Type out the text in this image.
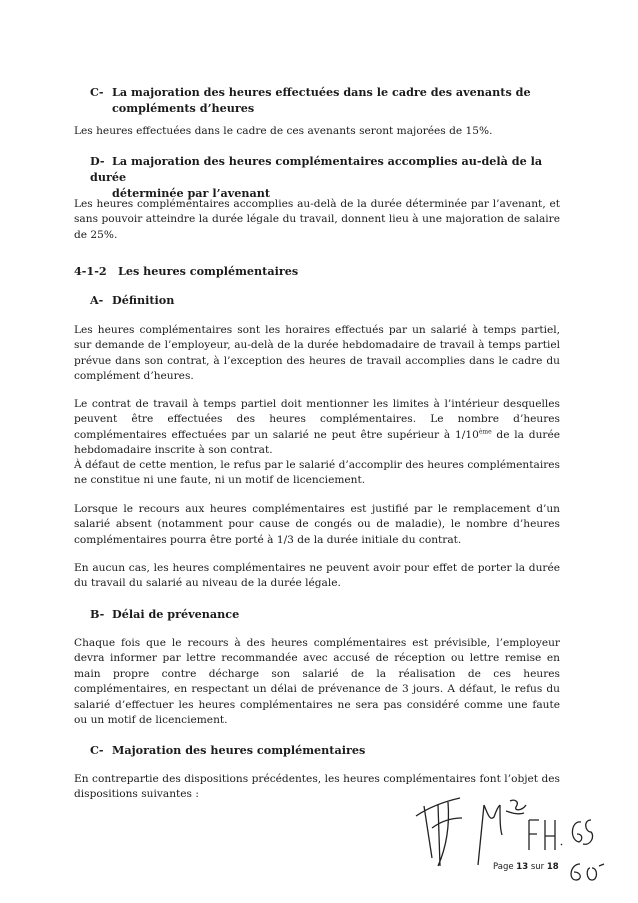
C- La majoration des heures effectuées dans le cadre des avenants de
compléments d’heures

Les heures effectuées dans le cadre de ces avenants seront majorées de 15%.

D- La majoration des heures complémentaires accomplies au-delà de la durée
déterminée par l’avenant

Les heures complémentaires accomplies au-delà de la durée déterminée par l’avenant, et sans pouvoir atteindre la durée légale du travail, donnent lieu à une majoration de salaire de 25%.

4-1-2 Les heures complémentaires
A- Définition

Les heures complémentaires sont les horaires effectués par un salarié à temps partiel, sur demande de l’employeur, au-delà de la durée hebdomadaire de travail à temps partiel prévue dans son contrat, à l’exception des heures de travail accomplies dans le cadre du complément d’heures.

Le contrat de travail à temps partiel doit mentionner les limites à l’intérieur desquelles peuvent être effectuées des heures complémentaires. Le nombre d’heures complémentaires effectuées par un salarié ne peut être supérieur à 1/10ème de la durée hebdomadaire inscrite à son contrat.

À défaut de cette mention, le refus par le salarié d’accomplir des heures complémentaires ne constitue ni une faute, ni un motif de licenciement.

Lorsque le recours aux heures complémentaires est justifié par le remplacement d’un salarié absent (notamment pour cause de congés ou de maladie), le nombre d’heures complémentaires pourra être porté à 1/3 de la durée initiale du contrat.

En aucun cas, les heures complémentaires ne peuvent avoir pour effet de porter la durée du travail du salarié au niveau de la durée légale.

B- Délai de prévenance

Chaque fois que le recours à des heures complémentaires est prévisible, l’employeur devra informer par lettre recommandée avec accusé de réception ou lettre remise en main propre contre décharge son salarié de la réalisation de ces heures complémentaires, en respectant un délai de prévenance de 3 jours. A défaut, le refus du salarié d’effectuer les heures complémentaires ne sera pas considéré comme une faute ou un motif de licenciement.

C- Majoration des heures complémentaires

En contrepartie des dispositions précédentes, les heures complémentaires font l’objet des dispositions suivantes :

Page 13 sur 18
